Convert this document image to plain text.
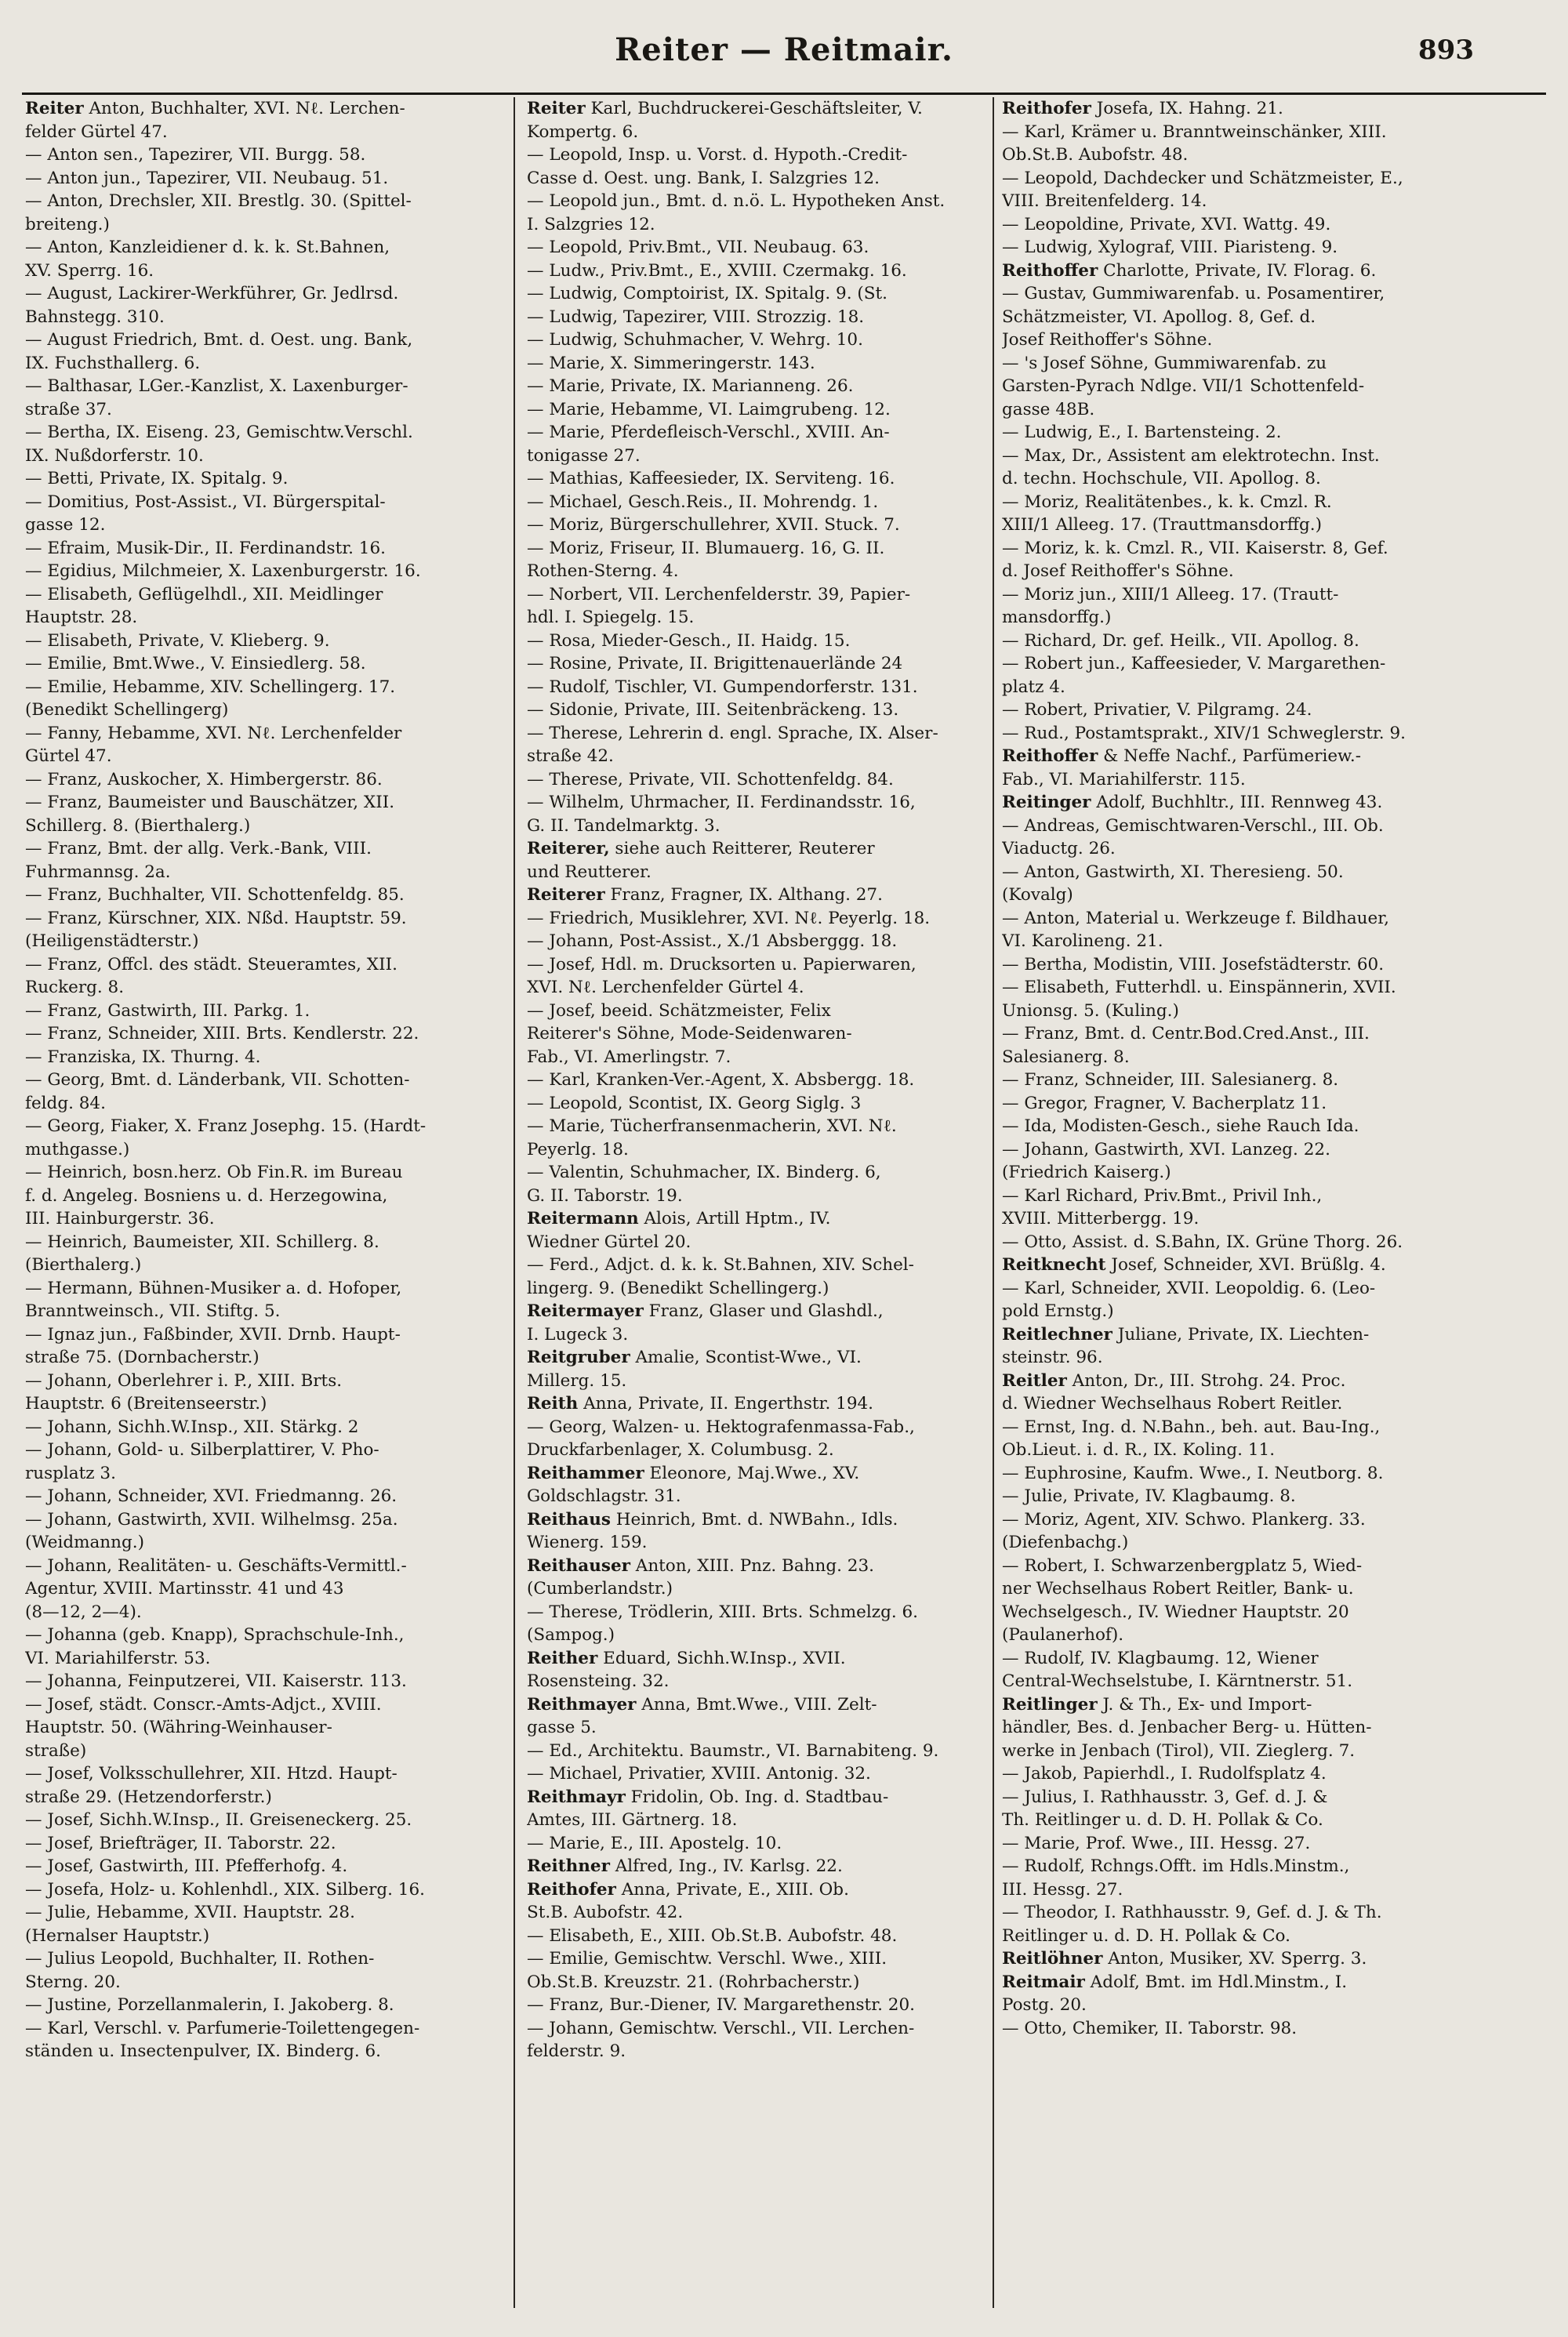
Reiter — Reitmair.	893

Reiter Anton, Buchhalter, XVI. Nℓ. Lerchen-

felder Gürtel 47.

— Anton sen., Tapezirer, VII. Burgg. 58.

— Anton jun., Tapezirer, VII. Neubaug. 51.

— Anton, Drechsler, XII. Brestlg. 30. (Spittel-

breiteng.)

— Anton, Kanzleidiener d. k. k. St.Bahnen,

XV. Sperrg. 16.

— August, Lackirer-Werkführer, Gr. Jedlrsd.

Bahnstegg. 310.

— August Friedrich, Bmt. d. Oest. ung. Bank,

IX. Fuchsthallerg. 6.

— Balthasar, LGer.-Kanzlist, X. Laxenburger-

straße 37.

— Bertha, IX. Eiseng. 23, Gemischtw.Verschl.

IX. Nußdorferstr. 10.

— Betti, Private, IX. Spitalg. 9.

— Domitius, Post-Assist., VI. Bürgerspital-

gasse 12.

— Efraim, Musik-Dir., II. Ferdinandstr. 16.

— Egidius, Milchmeier, X. Laxenburgerstr. 16.

— Elisabeth, Geflügelhdl., XII. Meidlinger

Hauptstr. 28.

— Elisabeth, Private, V. Klieberg. 9.

— Emilie, Bmt.Wwe., V. Einsiedlerg. 58.

— Emilie, Hebamme, XIV. Schellingerg. 17.

(Benedikt Schellingerg)

— Fanny, Hebamme, XVI. Nℓ. Lerchenfelder

Gürtel 47.

— Franz, Auskocher, X. Himbergerstr. 86.

— Franz, Baumeister und Bauschätzer, XII.

Schillerg. 8. (Bierthalerg.)

— Franz, Bmt. der allg. Verk.-Bank, VIII.

Fuhrmannsg. 2a.

— Franz, Buchhalter, VII. Schottenfeldg. 85.

— Franz, Kürschner, XIX. Nßd. Hauptstr. 59.

(Heiligenstädterstr.)

— Franz, Offcl. des städt. Steueramtes, XII.

Ruckerg. 8.

— Franz, Gastwirth, III. Parkg. 1.

— Franz, Schneider, XIII. Brts. Kendlerstr. 22.

— Franziska, IX. Thurng. 4.

— Georg, Bmt. d. Länderbank, VII. Schotten-

feldg. 84.

— Georg, Fiaker, X. Franz Josephg. 15. (Hardt-

muthgasse.)

— Heinrich, bosn.herz. Ob Fin.R. im Bureau

f. d. Angeleg. Bosniens u. d. Herzegowina,

III. Hainburgerstr. 36.

— Heinrich, Baumeister, XII. Schillerg. 8.

(Bierthalerg.)

— Hermann, Bühnen-Musiker a. d. Hofoper,

Branntweinsch., VII. Stiftg. 5.

— Ignaz jun., Faßbinder, XVII. Drnb. Haupt-

straße 75. (Dornbacherstr.)

— Johann, Oberlehrer i. P., XIII. Brts.

Hauptstr. 6 (Breitenseerstr.)

— Johann, Sichh.W.Insp., XII. Stärkg. 2

— Johann, Gold- u. Silberplattirer, V. Pho-

rusplatz 3.

— Johann, Schneider, XVI. Friedmanng. 26.

— Johann, Gastwirth, XVII. Wilhelmsg. 25a.

(Weidmanng.)

— Johann, Realitäten- u. Geschäfts-Vermittl.-

Agentur, XVIII. Martinsstr. 41 und 43

(8—12, 2—4).

— Johanna (geb. Knapp), Sprachschule-Inh.,

VI. Mariahilferstr. 53.

— Johanna, Feinputzerei, VII. Kaiserstr. 113.

— Josef, städt. Conscr.-Amts-Adjct., XVIII.

Hauptstr. 50. (Währing-Weinhauser-

straße)

— Josef, Volksschullehrer, XII. Htzd. Haupt-

straße 29. (Hetzendorferstr.)

— Josef, Sichh.W.Insp., II. Greiseneckerg. 25.

— Josef, Briefträger, II. Taborstr. 22.

— Josef, Gastwirth, III. Pfefferhofg. 4.

— Josefa, Holz- u. Kohlenhdl., XIX. Silberg. 16.

— Julie, Hebamme, XVII. Hauptstr. 28.

(Hernalser Hauptstr.)

— Julius Leopold, Buchhalter, II. Rothen-

Sterng. 20.

— Justine, Porzellanmalerin, I. Jakoberg. 8.

— Karl, Verschl. v. Parfumerie-Toilettengegen-

ständen u. Insectenpulver, IX. Binderg. 6.

Reiter Karl, Buchdruckerei-Geschäftsleiter, V.

Kompertg. 6.

— Leopold, Insp. u. Vorst. d. Hypoth.-Credit-

Casse d. Oest. ung. Bank, I. Salzgries 12.

— Leopold jun., Bmt. d. n.ö. L. Hypotheken Anst.

I. Salzgries 12.

— Leopold, Priv.Bmt., VII. Neubaug. 63.

— Ludw., Priv.Bmt., E., XVIII. Czermakg. 16.

— Ludwig, Comptoirist, IX. Spitalg. 9. (St.

— Ludwig, Tapezirer, VIII. Strozzig. 18.

— Ludwig, Schuhmacher, V. Wehrg. 10.

— Marie, X. Simmeringerstr. 143.

— Marie, Private, IX. Marianneng. 26.

— Marie, Hebamme, VI. Laimgrubeng. 12.

— Marie, Pferdefleisch-Verschl., XVIII. An-

tonigasse 27.

— Mathias, Kaffeesieder, IX. Serviteng. 16.

— Michael, Gesch.Reis., II. Mohrendg. 1.

— Moriz, Bürgerschullehrer, XVII. Stuck. 7.

— Moriz, Friseur, II. Blumauerg. 16, G. II.

Rothen-Sterng. 4.

— Norbert, VII. Lerchenfelderstr. 39, Papier-

hdl. I. Spiegelg. 15.

— Rosa, Mieder-Gesch., II. Haidg. 15.

— Rosine, Private, II. Brigittenauerlände 24

— Rudolf, Tischler, VI. Gumpendorferstr. 131.

— Sidonie, Private, III. Seitenbräckeng. 13.

— Therese, Lehrerin d. engl. Sprache, IX. Alser-

straße 42.

— Therese, Private, VII. Schottenfeldg. 84.

— Wilhelm, Uhrmacher, II. Ferdinandsstr. 16,

G. II. Tandelmarktg. 3.

Reiterer, siehe auch Reitterer, Reuterer

und Reutterer.

Reiterer Franz, Fragner, IX. Althang. 27.

— Friedrich, Musiklehrer, XVI. Nℓ. Peyerlg. 18.

— Johann, Post-Assist., X./1 Absberggg. 18.

— Josef, Hdl. m. Drucksorten u. Papierwaren,

XVI. Nℓ. Lerchenfelder Gürtel 4.

— Josef, beeid. Schätzmeister, Felix

Reiterer's Söhne, Mode-Seidenwaren-

Fab., VI. Amerlingstr. 7.

— Karl, Kranken-Ver.-Agent, X. Absbergg. 18.

— Leopold, Scontist, IX. Georg Siglg. 3

— Marie, Tücherfransenmacherin, XVI. Nℓ.

Peyerlg. 18.

— Valentin, Schuhmacher, IX. Binderg. 6,

G. II. Taborstr. 19.

Reitermann Alois, Artill Hptm., IV.

Wiedner Gürtel 20.

— Ferd., Adjct. d. k. k. St.Bahnen, XIV. Schel-

lingerg. 9. (Benedikt Schellingerg.)

Reitermayer Franz, Glaser und Glashdl.,

I. Lugeck 3.

Reitgruber Amalie, Scontist-Wwe., VI.

Millerg. 15.

Reith Anna, Private, II. Engerthstr. 194.

— Georg, Walzen- u. Hektografenmassa-Fab.,

Druckfarbenlager, X. Columbusg. 2.

Reithammer Eleonore, Maj.Wwe., XV.

Goldschlagstr. 31.

Reithaus Heinrich, Bmt. d. NWBahn., Idls.

Wienerg. 159.

Reithauser Anton, XIII. Pnz. Bahng. 23.

(Cumberlandstr.)

— Therese, Trödlerin, XIII. Brts. Schmelzg. 6.

(Sampog.)

Reither Eduard, Sichh.W.Insp., XVII.

Rosensteing. 32.

Reithmayer Anna, Bmt.Wwe., VIII. Zelt-

gasse 5.

— Ed., Architektu. Baumstr., VI. Barnabiteng. 9.

— Michael, Privatier, XVIII. Antonig. 32.

Reithmayr Fridolin, Ob. Ing. d. Stadtbau-

Amtes, III. Gärtnerg. 18.

— Marie, E., III. Apostelg. 10.

Reithner Alfred, Ing., IV. Karlsg. 22.

Reithofer Anna, Private, E., XIII. Ob.

St.B. Aubofstr. 42.

— Elisabeth, E., XIII. Ob.St.B. Aubofstr. 48.

— Emilie, Gemischtw. Verschl. Wwe., XIII.

Ob.St.B. Kreuzstr. 21. (Rohrbacherstr.)

— Franz, Bur.-Diener, IV. Margarethenstr. 20.

— Johann, Gemischtw. Verschl., VII. Lerchen-

felderstr. 9.

Reithofer Josefa, IX. Hahng. 21.

— Karl, Krämer u. Branntweinschänker, XIII.

Ob.St.B. Aubofstr. 48.

— Leopold, Dachdecker und Schätzmeister, E.,

VIII. Breitenfelderg. 14.

— Leopoldine, Private, XVI. Wattg. 49.

— Ludwig, Xylograf, VIII. Piaristeng. 9.

Reithoffer Charlotte, Private, IV. Florag. 6.

— Gustav, Gummiwarenfab. u. Posamentirer,

Schätzmeister, VI. Apollog. 8, Gef. d.

Josef Reithoffer's Söhne.

— 's Josef Söhne, Gummiwarenfab. zu

Garsten-Pyrach Ndlge. VII/1 Schottenfeld-

gasse 48B.

— Ludwig, E., I. Bartensteing. 2.

— Max, Dr., Assistent am elektrotechn. Inst.

d. techn. Hochschule, VII. Apollog. 8.

— Moriz, Realitätenbes., k. k. Cmzl. R.

XIII/1 Alleeg. 17. (Trauttmansdorffg.)

— Moriz, k. k. Cmzl. R., VII. Kaiserstr. 8, Gef.

d. Josef Reithoffer's Söhne.

— Moriz jun., XIII/1 Alleeg. 17. (Trautt-

mansdorffg.)

— Richard, Dr. gef. Heilk., VII. Apollog. 8.

— Robert jun., Kaffeesieder, V. Margarethen-

platz 4.

— Robert, Privatier, V. Pilgramg. 24.

— Rud., Postamtsprakt., XIV/1 Schweglerstr. 9.

Reithoffer & Neffe Nachf., Parfümeriew.-

Fab., VI. Mariahilferstr. 115.

Reitinger Adolf, Buchhltr., III. Rennweg 43.

— Andreas, Gemischtwaren-Verschl., III. Ob.

Viaductg. 26.

— Anton, Gastwirth, XI. Theresieng. 50.

(Kovalg)

— Anton, Material u. Werkzeuge f. Bildhauer,

VI. Karolineng. 21.

— Bertha, Modistin, VIII. Josefstädterstr. 60.

— Elisabeth, Futterhdl. u. Einspännerin, XVII.

Unionsg. 5. (Kuling.)

— Franz, Bmt. d. Centr.Bod.Cred.Anst., III.

Salesianerg. 8.

— Franz, Schneider, III. Salesianerg. 8.

— Gregor, Fragner, V. Bacherplatz 11.

— Ida, Modisten-Gesch., siehe Rauch Ida.

— Johann, Gastwirth, XVI. Lanzeg. 22.

(Friedrich Kaiserg.)

— Karl Richard, Priv.Bmt., Privil Inh.,

XVIII. Mitterbergg. 19.

— Otto, Assist. d. S.Bahn, IX. Grüne Thorg. 26.

Reitknecht Josef, Schneider, XVI. Brüßlg. 4.

— Karl, Schneider, XVII. Leopoldig. 6. (Leo-

pold Ernstg.)

Reitlechner Juliane, Private, IX. Liechten-

steinstr. 96.

Reitler Anton, Dr., III. Strohg. 24. Proc.

d. Wiedner Wechselhaus Robert Reitler.

— Ernst, Ing. d. N.Bahn., beh. aut. Bau-Ing.,

Ob.Lieut. i. d. R., IX. Koling. 11.

— Euphrosine, Kaufm. Wwe., I. Neutborg. 8.

— Julie, Private, IV. Klagbaumg. 8.

— Moriz, Agent, XIV. Schwo. Plankerg. 33.

(Diefenbachg.)

— Robert, I. Schwarzenbergplatz 5, Wied-

ner Wechselhaus Robert Reitler, Bank- u.

Wechselgesch., IV. Wiedner Hauptstr. 20

(Paulanerhof).

— Rudolf, IV. Klagbaumg. 12, Wiener

Central-Wechselstube, I. Kärntnerstr. 51.

Reitlinger J. & Th., Ex- und Import-

händler, Bes. d. Jenbacher Berg- u. Hütten-

werke in Jenbach (Tirol), VII. Zieglerg. 7.

— Jakob, Papierhdl., I. Rudolfsplatz 4.

— Julius, I. Rathhausstr. 3, Gef. d. J. &

Th. Reitlinger u. d. D. H. Pollak & Co.

— Marie, Prof. Wwe., III. Hessg. 27.

— Rudolf, Rchngs.Offt. im Hdls.Minstm.,

III. Hessg. 27.

— Theodor, I. Rathhausstr. 9, Gef. d. J. & Th.

Reitlinger u. d. D. H. Pollak & Co.

Reitlöhner Anton, Musiker, XV. Sperrg. 3.

Reitmair Adolf, Bmt. im Hdl.Minstm., I.

Postg. 20.

— Otto, Chemiker, II. Taborstr. 98.
